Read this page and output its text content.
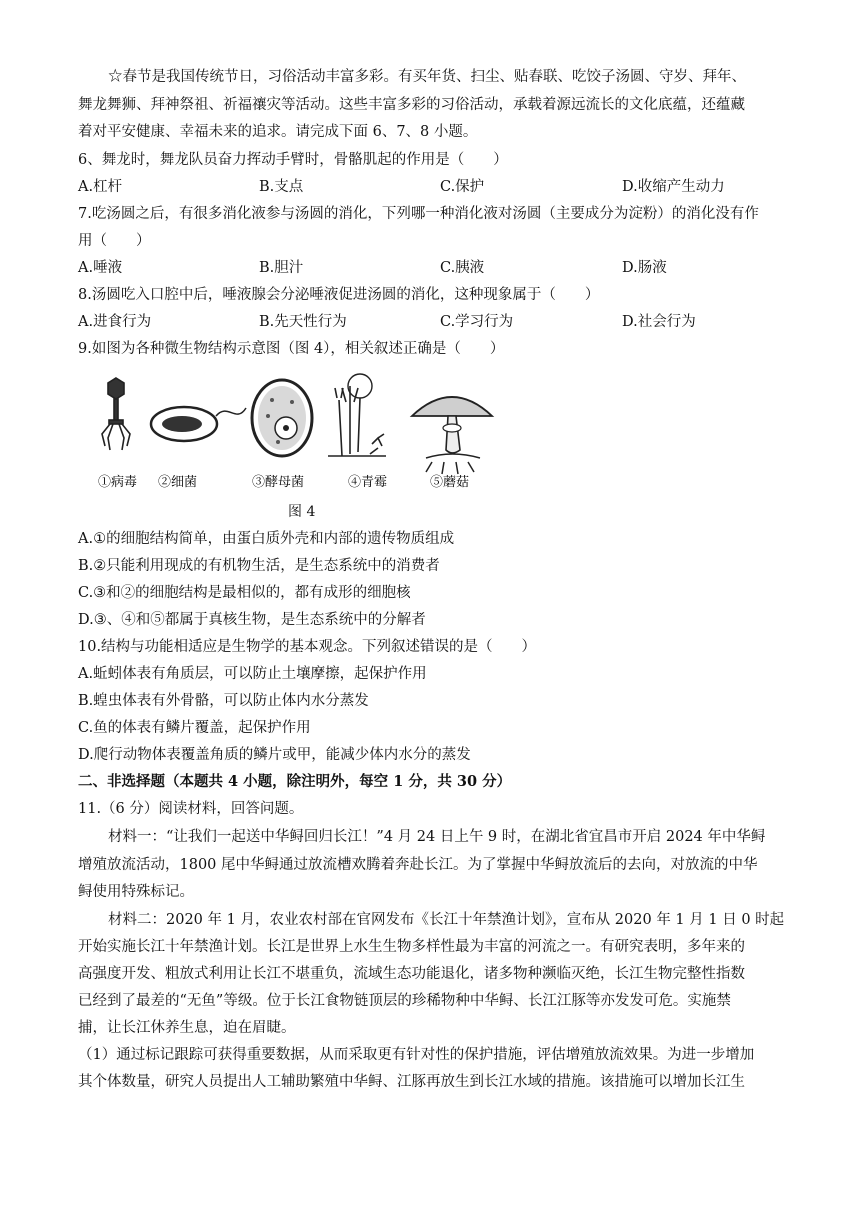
☆春节是我国传统节日，习俗活动丰富多彩。有买年货、扫尘、贴春联、吃饺子汤圆、守岁、拜年、
舞龙舞狮、拜神祭祖、祈福禳灾等活动。这些丰富多彩的习俗活动，承载着源远流长的文化底蕴，还蕴藏
着对平安健康、幸福未来的追求。请完成下面 6、7、8 小题。
6、舞龙时，舞龙队员奋力挥动手臂时，骨骼肌起的作用是（　　）
A.杠杆	B.支点	C.保护	D.收缩产生动力
7.吃汤圆之后，有很多消化液参与汤圆的消化，下列哪一种消化液对汤圆（主要成分为淀粉）的消化没有作
用（　　）
A.唾液	B.胆汁	C.胰液	D.肠液
8.汤圆吃入口腔中后，唾液腺会分泌唾液促进汤圆的消化，这种现象属于（　　）
A.进食行为	B.先天性行为	C.学习行为	D.社会行为
9.如图为各种微生物结构示意图（图 4），相关叙述正确是（　　）
①病毒 ②细菌	③酵母菌	④青霉	⑤蘑菇
图 4
A.①的细胞结构简单，由蛋白质外壳和内部的遗传物质组成
B.②只能利用现成的有机物生活，是生态系统中的消费者
C.③和②的细胞结构是最相似的，都有成形的细胞核
D.③、④和⑤都属于真核生物，是生态系统中的分解者
10.结构与功能相适应是生物学的基本观念。下列叙述错误的是（　　）
A.蚯蚓体表有角质层，可以防止土壤摩擦，起保护作用
B.蝗虫体表有外骨骼，可以防止体内水分蒸发
C.鱼的体表有鳞片覆盖，起保护作用
D.爬行动物体表覆盖角质的鳞片或甲，能减少体内水分的蒸发
二、非选择题（本题共 4 小题，除注明外，每空 1 分，共 30 分）
11.（6 分）阅读材料，回答问题。
材料一：“让我们一起送中华鲟回归长江！”4 月 24 日上午 9 时，在湖北省宜昌市开启 2024 年中华鲟
增殖放流活动，1800 尾中华鲟通过放流槽欢腾着奔赴长江。为了掌握中华鲟放流后的去向，对放流的中华
鲟使用特殊标记。
材料二：2020 年 1 月，农业农村部在官网发布《长江十年禁渔计划》，宣布从 2020 年 1 月 1 日 0 时起
开始实施长江十年禁渔计划。长江是世界上水生生物多样性最为丰富的河流之一。有研究表明，多年来的
高强度开发、粗放式利用让长江不堪重负，流域生态功能退化，诸多物种濒临灭绝，长江生物完整性指数
已经到了最差的“无鱼”等级。位于长江食物链顶层的珍稀物种中华鲟、长江江豚等亦发发可危。实施禁
捕，让长江休养生息，迫在眉睫。
（1）通过标记跟踪可获得重要数据，从而采取更有针对性的保护措施，评估增殖放流效果。为进一步增加
其个体数量，研究人员提出人工辅助繁殖中华鲟、江豚再放生到长江水域的措施。该措施可以增加长江生
